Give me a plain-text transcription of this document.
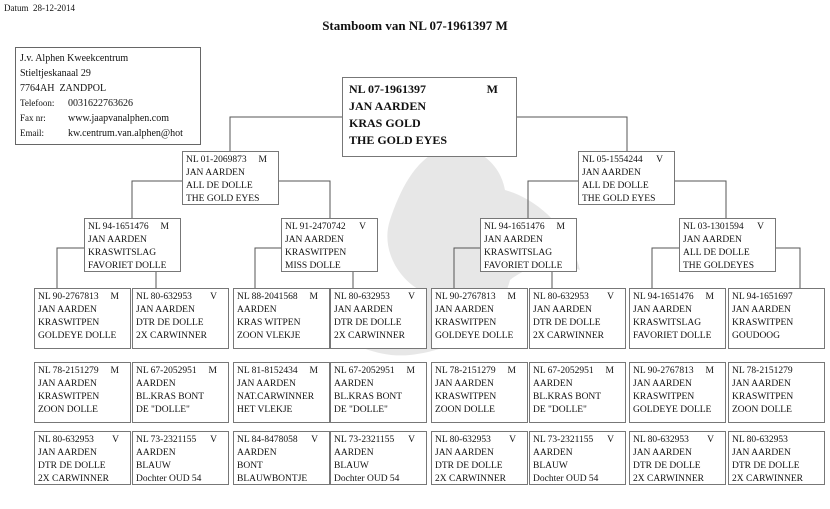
Datum 28-12-2014
Stamboom van NL 07-1961397 M
J.v. Alphen Kweekcentrum
Stieltjeskanaal 29
7764AH ZANDPOL
Telefoon: 0031622763626
Fax nr: www.jaapvanalphen.com
Email: kw.centrum.van.alphen@hot
NL 07-1961397	M
JAN AARDEN
KRAS GOLD
THE GOLD EYES
NL 01-2069873 M
JAN AARDEN
ALL DE DOLLE
THE GOLD EYES
NL 05-1554244 V
JAN AARDEN
ALL DE DOLLE
THE GOLD EYES
NL 94-1651476 M
JAN AARDEN
KRASWITSLAG
FAVORIET DOLLE
NL 91-2470742 V
JAN AARDEN
KRASWITPEN
MISS DOLLE
NL 94-1651476 M
JAN AARDEN
KRASWITSLAG
FAVORIET DOLLE
NL 03-1301594 V
JAN AARDEN
ALL DE DOLLE
THE GOLDEYES
NL 90-2767813 M
JAN AARDEN
KRASWITPEN
GOLDEYE DOLLE
NL 80-632953 V
JAN AARDEN
DTR DE DOLLE
2X CARWINNER
NL 88-2041568 M
AARDEN
KRAS WITPEN
ZOON VLEKJE
NL 80-632953 V
JAN AARDEN
DTR DE DOLLE
2X CARWINNER
NL 90-2767813 M
JAN AARDEN
KRASWITPEN
GOLDEYE DOLLE
NL 80-632953 V
JAN AARDEN
DTR DE DOLLE
2X CARWINNER
NL 94-1651476 M
JAN AARDEN
KRASWITSLAG
FAVORIET DOLLE
NL 94-1651697
JAN AARDEN
KRASWITPEN
GOUDOOG
NL 78-2151279 M
JAN AARDEN
KRASWITPEN
ZOON DOLLE
NL 67-2052951 M
AARDEN
BL.KRAS BONT
DE "DOLLE"
NL 81-8152434 M
JAN AARDEN
NAT.CARWINNER
HET VLEKJE
NL 67-2052951 M
AARDEN
BL.KRAS BONT
DE "DOLLE"
NL 78-2151279 M
JAN AARDEN
KRASWITPEN
ZOON DOLLE
NL 67-2052951 M
AARDEN
BL.KRAS BONT
DE "DOLLE"
NL 90-2767813 M
JAN AARDEN
KRASWITPEN
GOLDEYE DOLLE
NL 78-2151279
JAN AARDEN
KRASWITPEN
ZOON DOLLE
NL 80-632953 V
JAN AARDEN
DTR DE DOLLE
2X CARWINNER
NL 73-2321155 V
AARDEN
BLAUW
Dochter OUD 54
NL 84-8478058 V
AARDEN
BONT
BLAUWBONTJE
NL 73-2321155 V
AARDEN
BLAUW
Dochter OUD 54
NL 80-632953 V
JAN AARDEN
DTR DE DOLLE
2X CARWINNER
NL 73-2321155 V
AARDEN
BLAUW
Dochter OUD 54
NL 80-632953 V
JAN AARDEN
DTR DE DOLLE
2X CARWINNER
NL 80-632953
JAN AARDEN
DTR DE DOLLE
2X CARWINNER
